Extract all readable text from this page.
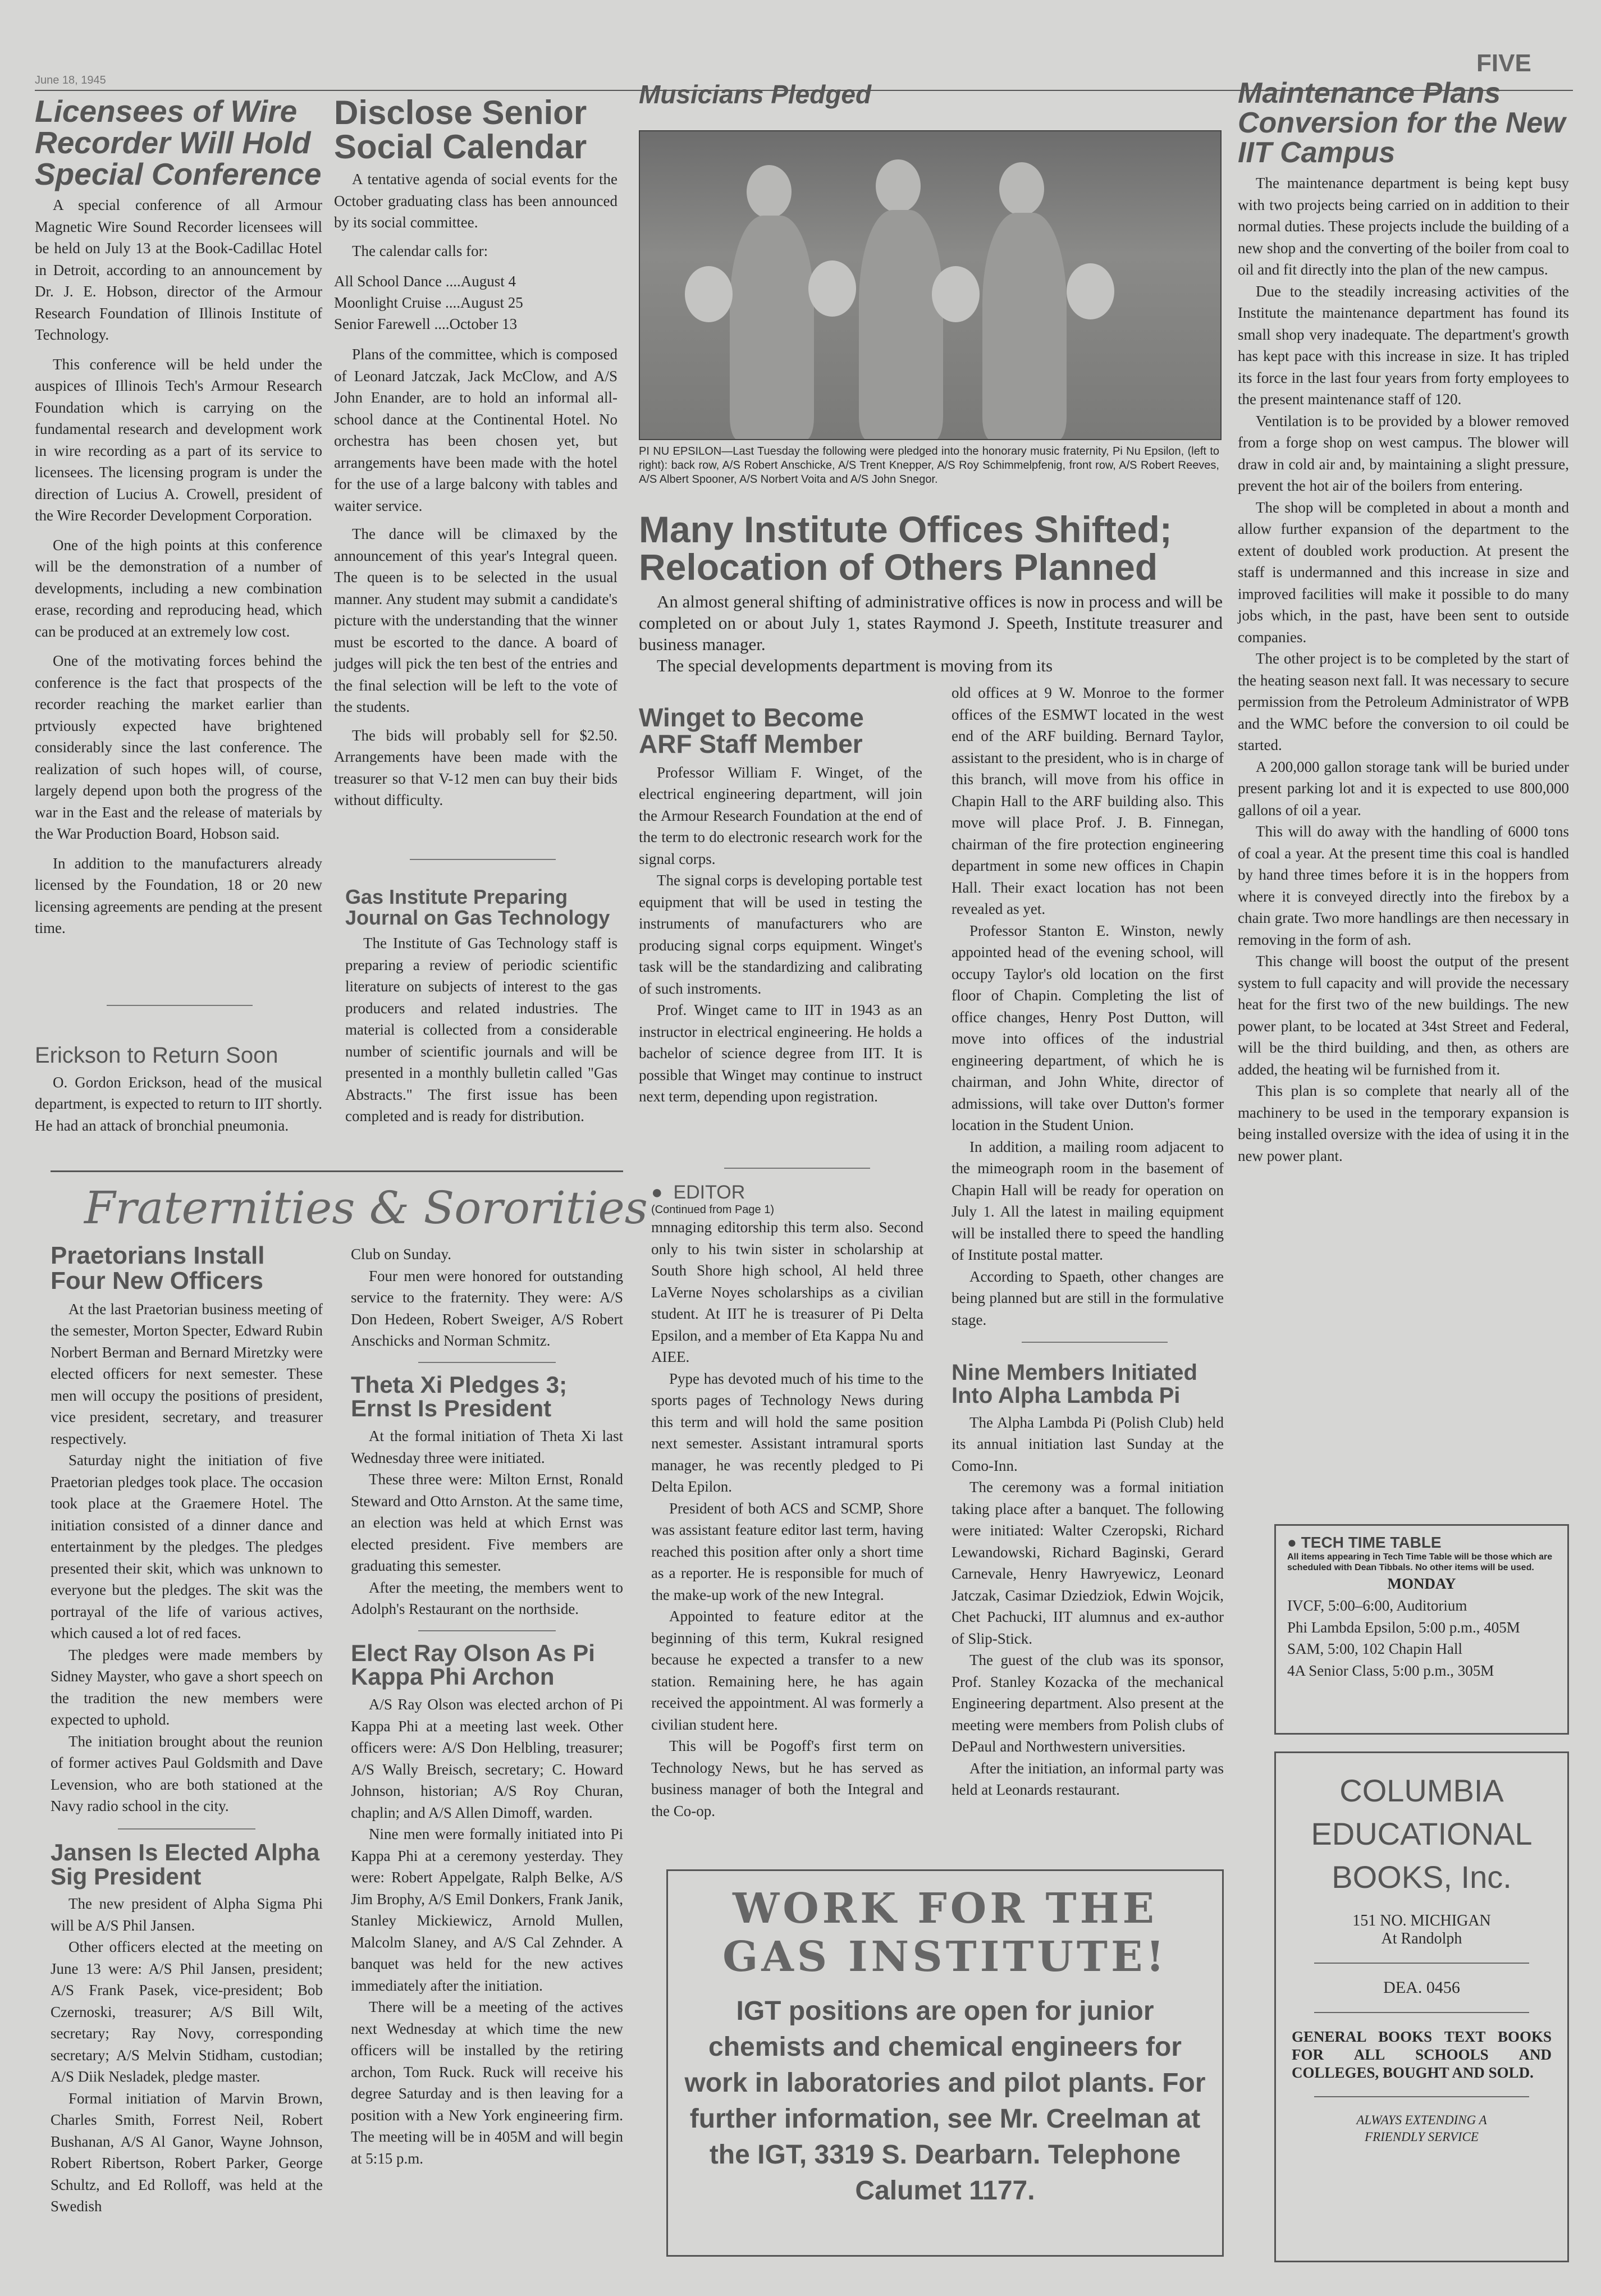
June 18, 1945
FIVE
Licensees of Wire Recorder Will Hold Special Conference

A special conference of all Armour Magnetic Wire Sound Recorder licensees will be held on July 13 at the Book-Cadillac Hotel in Detroit, according to an announcement by Dr. J. E. Hobson, director of the Armour Research Foundation of Illinois Institute of Technology.

This conference will be held under the auspices of Illinois Tech's Armour Research Foundation which is carrying on the fundamental research and development work in wire recording as a part of its service to licensees. The licensing program is under the direction of Lucius A. Crowell, president of the Wire Recorder Development Corporation.

One of the high points at this conference will be the demonstration of a number of developments, including a new combination erase, recording and reproducing head, which can be produced at an extremely low cost.

One of the motivating forces behind the conference is the fact that prospects of the recorder reaching the market earlier than prtviously expected have brightened considerably since the last conference. The realization of such hopes will, of course, largely depend upon both the progress of the war in the East and the release of materials by the War Production Board, Hobson said.

In addition to the manufacturers already licensed by the Foundation, 18 or 20 new licensing agreements are pending at the present time.

Erickson to Return Soon

O. Gordon Erickson, head of the musical department, is expected to return to IIT shortly. He had an attack of bronchial pneumonia.

Disclose Senior Social Calendar

A tentative agenda of social events for the October graduating class has been announced by its social committee.

The calendar calls for:

All School Dance ....August 4
Moonlight Cruise ....August 25
Senior Farewell ....October 13

Plans of the committee, which is composed of Leonard Jatczak, Jack McClow, and A/S John Enander, are to hold an informal all-school dance at the Continental Hotel. No orchestra has been chosen yet, but arrangements have been made with the hotel for the use of a large balcony with tables and waiter service.

The dance will be climaxed by the announcement of this year's Integral queen. The queen is to be selected in the usual manner. Any student may submit a candidate's picture with the understanding that the winner must be escorted to the dance. A board of judges will pick the ten best of the entries and the final selection will be left to the vote of the students.

The bids will probably sell for $2.50. Arrangements have been made with the treasurer so that V-12 men can buy their bids without difficulty.

Gas Institute Preparing Journal on Gas Technology

The Institute of Gas Technology staff is preparing a review of periodic scientific literature on subjects of interest to the gas producers and related industries. The material is collected from a considerable number of scientific journals and will be presented in a monthly bulletin called "Gas Abstracts." The first issue has been completed and is ready for distribution.

Musicians Pledged
PI NU EPSILON—Last Tuesday the following were pledged into the honorary music fraternity, Pi Nu Epsilon, (left to right): back row, A/S Robert Anschicke, A/S Trent Knepper, A/S Roy Schimmelpfenig, front row, A/S Robert Reeves, A/S Albert Spooner, A/S Norbert Voita and A/S John Snegor.
Many Institute Offices Shifted; Relocation of Others Planned

An almost general shifting of administrative offices is now in process and will be completed on or about July 1, states Raymond J. Speeth, Institute treasurer and business manager.

The special developments department is moving from its

old offices at 9 W. Monroe to the former offices of the ESMWT located in the west end of the ARF building. Bernard Taylor, assistant to the president, who is in charge of this branch, will move from his office in Chapin Hall to the ARF building also. This move will place Prof. J. B. Finnegan, chairman of the fire protection engineering department in some new offices in Chapin Hall. Their exact location has not been revealed as yet.

Professor Stanton E. Winston, newly appointed head of the evening school, will occupy Taylor's old location on the first floor of Chapin. Completing the list of office changes, Henry Post Dutton, will move into offices of the industrial engineering department, of which he is chairman, and John White, director of admissions, will take over Dutton's former location in the Student Union.

In addition, a mailing room adjacent to the mimeograph room in the basement of Chapin Hall will be ready for operation on July 1. All the latest in mailing equipment will be installed there to speed the handling of Institute postal matter.

According to Spaeth, other changes are being planned but are still in the formulative stage.

Winget to Become ARF Staff Member

Professor William F. Winget, of the electrical engineering department, will join the Armour Research Foundation at the end of the term to do electronic research work for the signal corps.

The signal corps is developing portable test equipment that will be used in testing the instruments of manufacturers who are producing signal corps equipment. Winget's task will be the standardizing and calibrating of such instroments.

Prof. Winget came to IIT in 1943 as an instructor in electrical engineering. He holds a bachelor of science degree from IIT. It is possible that Winget may continue to instruct next term, depending upon registration.

● EDITOR
(Continued from Page 1)

mnnaging editorship this term also. Second only to his twin sister in scholarship at South Shore high school, Al held three LaVerne Noyes scholarships as a civilian student. At IIT he is treasurer of Pi Delta Epsilon, and a member of Eta Kappa Nu and AIEE.

Pype has devoted much of his time to the sports pages of Technology News during this term and will hold the same position next semester. Assistant intramural sports manager, he was recently pledged to Pi Delta Epilon.

President of both ACS and SCMP, Shore was assistant feature editor last term, having reached this position after only a short time as a reporter. He is responsible for much of the make-up work of the new Integral.

Appointed to feature editor at the beginning of this term, Kukral resigned because he expected a transfer to a new station. Remaining here, he has again received the appointment. Al was formerly a civilian student here.

This will be Pogoff's first term on Technology News, but he has served as business manager of both the Integral and the Co-op.

Nine Members Initiated Into Alpha Lambda Pi

The Alpha Lambda Pi (Polish Club) held its annual initiation last Sunday at the Como-Inn.

The ceremony was a formal initiation taking place after a banquet. The following were initiated: Walter Czeropski, Richard Lewandowski, Richard Baginski, Gerard Carnevale, Henry Hawryewicz, Leonard Jatczak, Casimar Dziedziok, Edwin Wojcik, Chet Pachucki, IIT alumnus and ex-author of Slip-Stick.

The guest of the club was its sponsor, Prof. Stanley Kozacka of the mechanical Engineering department. Also present at the meeting were members from Polish clubs of DePaul and Northwestern universities.

After the initiation, an informal party was held at Leonards restaurant.

WORK FOR THE
GAS INSTITUTE!
IGT positions are open for junior chemists and chemical engineers for work in laboratories and pilot plants. For further information, see Mr. Creelman at the IGT, 3319 S. Dearbarn. Telephone Calumet 1177.
Maintenance Plans Conversion for the New IIT Campus

The maintenance department is being kept busy with two projects being carried on in addition to their normal duties. These projects include the building of a new shop and the converting of the boiler from coal to oil and fit directly into the plan of the new campus.

Due to the steadily increasing activities of the Institute the maintenance department has found its small shop very inadequate. The department's growth has kept pace with this increase in size. It has tripled its force in the last four years from forty employees to the present maintenance staff of 120.

Ventilation is to be provided by a blower removed from a forge shop on west campus. The blower will draw in cold air and, by maintaining a slight pressure, prevent the hot air of the boilers from entering.

The shop will be completed in about a month and allow further expansion of the department to the extent of doubled work production. At present the staff is undermanned and this increase in size and improved facilities will make it possible to do many jobs which, in the past, have been sent to outside companies.

The other project is to be completed by the start of the heating season next fall. It was necessary to secure permission from the Petroleum Administrator of WPB and the WMC before the conversion to oil could be started.

A 200,000 gallon storage tank will be buried under present parking lot and it is expected to use 800,000 gallons of oil a year.

This will do away with the handling of 6000 tons of coal a year. At the present time this coal is handled by hand three times before it is in the hoppers from where it is conveyed directly into the firebox by a chain grate. Two more handlings are then necessary in removing in the form of ash.

This change will boost the output of the present system to full capacity and will provide the necessary heat for the first two of the new buildings. The new power plant, to be located at 34st Street and Federal, will be the third building, and then, as others are added, the heating wil be furnished from it.

This plan is so complete that nearly all of the machinery to be used in the temporary expansion is being installed oversize with the idea of using it in the new power plant.

● TECH TIME TABLE
All items appearing in Tech Time Table will be those which are scheduled with Dean Tibbals. No other items will be used.
MONDAY

IVCF, 5:00–6:00, Auditorium

Phi Lambda Epsilon, 5:00 p.m., 405M

SAM, 5:00, 102 Chapin Hall

4A Senior Class, 5:00 p.m., 305M

COLUMBIA
EDUCATIONAL
BOOKS, Inc.
151 NO. MICHIGAN
At Randolph
DEA. 0456
GENERAL BOOKS TEXT BOOKS FOR ALL SCHOOLS AND COLLEGES, BOUGHT AND SOLD.
ALWAYS EXTENDING A FRIENDLY SERVICE
Fraternities & Sororities
Praetorians Install Four New Officers

At the last Praetorian business meeting of the semester, Morton Specter, Edward Rubin Norbert Berman and Bernard Miretzky were elected officers for next semester. These men will occupy the positions of president, vice president, secretary, and treasurer respectively.

Saturday night the initiation of five Praetorian pledges took place. The occasion took place at the Graemere Hotel. The initiation consisted of a dinner dance and entertainment by the pledges. The pledges presented their skit, which was unknown to everyone but the pledges. The skit was the portrayal of the life of various actives, which caused a lot of red faces.

The pledges were made members by Sidney Mayster, who gave a short speech on the tradition the new members were expected to uphold.

The initiation brought about the reunion of former actives Paul Goldsmith and Dave Levension, who are both stationed at the Navy radio school in the city.

Jansen Is Elected Alpha Sig President

The new president of Alpha Sigma Phi will be A/S Phil Jansen.

Other officers elected at the meeting on June 13 were: A/S Phil Jansen, president; A/S Frank Pasek, vice-president; Bob Czernoski, treasurer; A/S Bill Wilt, secretary; Ray Novy, corresponding secretary; A/S Melvin Stidham, custodian; A/S Diik Nesladek, pledge master.

Formal initiation of Marvin Brown, Charles Smith, Forrest Neil, Robert Bushanan, A/S Al Ganor, Wayne Johnson, Robert Ribertson, Robert Parker, George Schultz, and Ed Rolloff, was held at the Swedish

Club on Sunday.

Four men were honored for outstanding service to the fraternity. They were: A/S Don Hedeen, Robert Sweiger, A/S Robert Anschicks and Norman Schmitz.

Theta Xi Pledges 3; Ernst Is President

At the formal initiation of Theta Xi last Wednesday three were initiated.

These three were: Milton Ernst, Ronald Steward and Otto Arnston. At the same time, an election was held at which Ernst was elected president. Five members are graduating this semester.

After the meeting, the members went to Adolph's Restaurant on the northside.

Elect Ray Olson As Pi Kappa Phi Archon

A/S Ray Olson was elected archon of Pi Kappa Phi at a meeting last week. Other officers were: A/S Don Helbling, treasurer; A/S Wally Breisch, secretary; C. Howard Johnson, historian; A/S Roy Churan, chaplin; and A/S Allen Dimoff, warden.

Nine men were formally initiated into Pi Kappa Phi at a ceremony yesterday. They were: Robert Appelgate, Ralph Belke, A/S Jim Brophy, A/S Emil Donkers, Frank Janik, Stanley Mickiewicz, Arnold Mullen, Malcolm Slaney, and A/S Cal Zehnder. A banquet was held for the new actives immediately after the initiation.

There will be a meeting of the actives next Wednesday at which time the new officers will be installed by the retiring archon, Tom Ruck. Ruck will receive his degree Saturday and is then leaving for a position with a New York engineering firm. The meeting will be in 405M and will begin at 5:15 p.m.
